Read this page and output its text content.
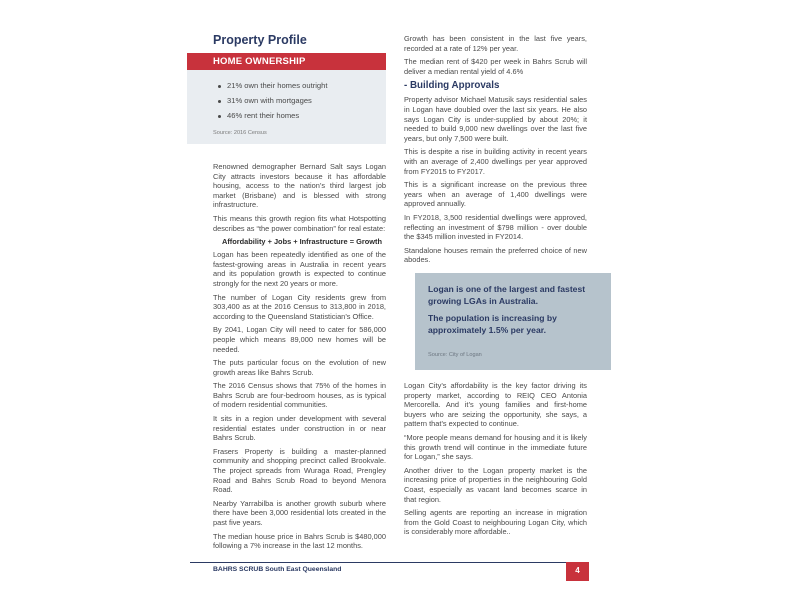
Property Profile
HOME OWNERSHIP
21% own their homes outright
31% own with mortgages
46% rent their homes
Source: 2016 Census

Renowned demographer Bernard Salt says Logan City attracts investors because it has affordable housing, access to the nation’s third largest job market (Brisbane) and is blessed with strong infrastructure.

This means this growth region fits what Hotspotting describes as “the power combination” for real estate:

Affordability + Jobs + Infrastructure = Growth

Logan has been repeatedly identified as one of the fastest-growing areas in Australia in recent years and its population growth is expected to continue strongly for the next 20 years or more.

The number of Logan City residents grew from 303,400 as at the 2016 Census to 313,800 in 2018, according to the Queensland Statistician’s Office.

By 2041, Logan City will need to cater for 586,000 people which means 89,000 new homes will be needed.

The puts particular focus on the evolution of new growth areas like Bahrs Scrub.

The 2016 Census shows that 75% of the homes in Bahrs Scrub are four-bedroom houses, as is typical of modern residential communities.

It sits in a region under development with several residential estates under construction in or near Bahrs Scrub.

Frasers Property is building a master-planned community and shopping precinct called Brookvale. The project spreads from Wuraga Road, Prengley Road and Bahrs Scrub Road to beyond Menora Road.

Nearby Yarrabilba is another growth suburb where there have been 3,000 residential lots created in the past five years.

The median house price in Bahrs Scrub is $480,000 following a 7% increase in the last 12 months.

Growth has been consistent in the last five years, recorded at a rate of 12% per year.

The median rent of $420 per week in Bahrs Scrub will deliver a median rental yield of 4.6%

- Building Approvals

Property advisor Michael Matusik says residential sales in Logan have doubled over the last six years. He also says Logan City is under-supplied by about 20%; it needed to build 9,000 new dwellings over the last five years, but only 7,500 were built.

This is despite a rise in building activity in recent years with an average of 2,400 dwellings per year approved from FY2015 to FY2017.

This is a significant increase on the previous three years when an average of 1,400 dwellings were approved annually.

In FY2018, 3,500 residential dwellings were approved, reflecting an investment of $798 million - over double the $345 million invested in FY2014.

Standalone houses remain the preferred choice of new abodes.

Logan is one of the largest and fastest growing LGAs in Australia.

The population is increasing by approximately 1.5% per year.

Source: City of Logan

Logan City’s affordability is the key factor driving its property market, according to REIQ CEO Antonia Mercorella. And it’s young families and first-home buyers who are seizing the opportunity, she says, a pattern that’s expected to continue.

“More people means demand for housing and it is likely this growth trend will continue in the immediate future for Logan,” she says.

Another driver to the Logan property market is the increasing price of properties in the neighbouring Gold Coast, especially as vacant land becomes scarce in that region.

Selling agents are reporting an increase in migration from the Gold Coast to neighbouring Logan City, which is considerably more affordable..

BAHRS SCRUB South East Queensland	4
